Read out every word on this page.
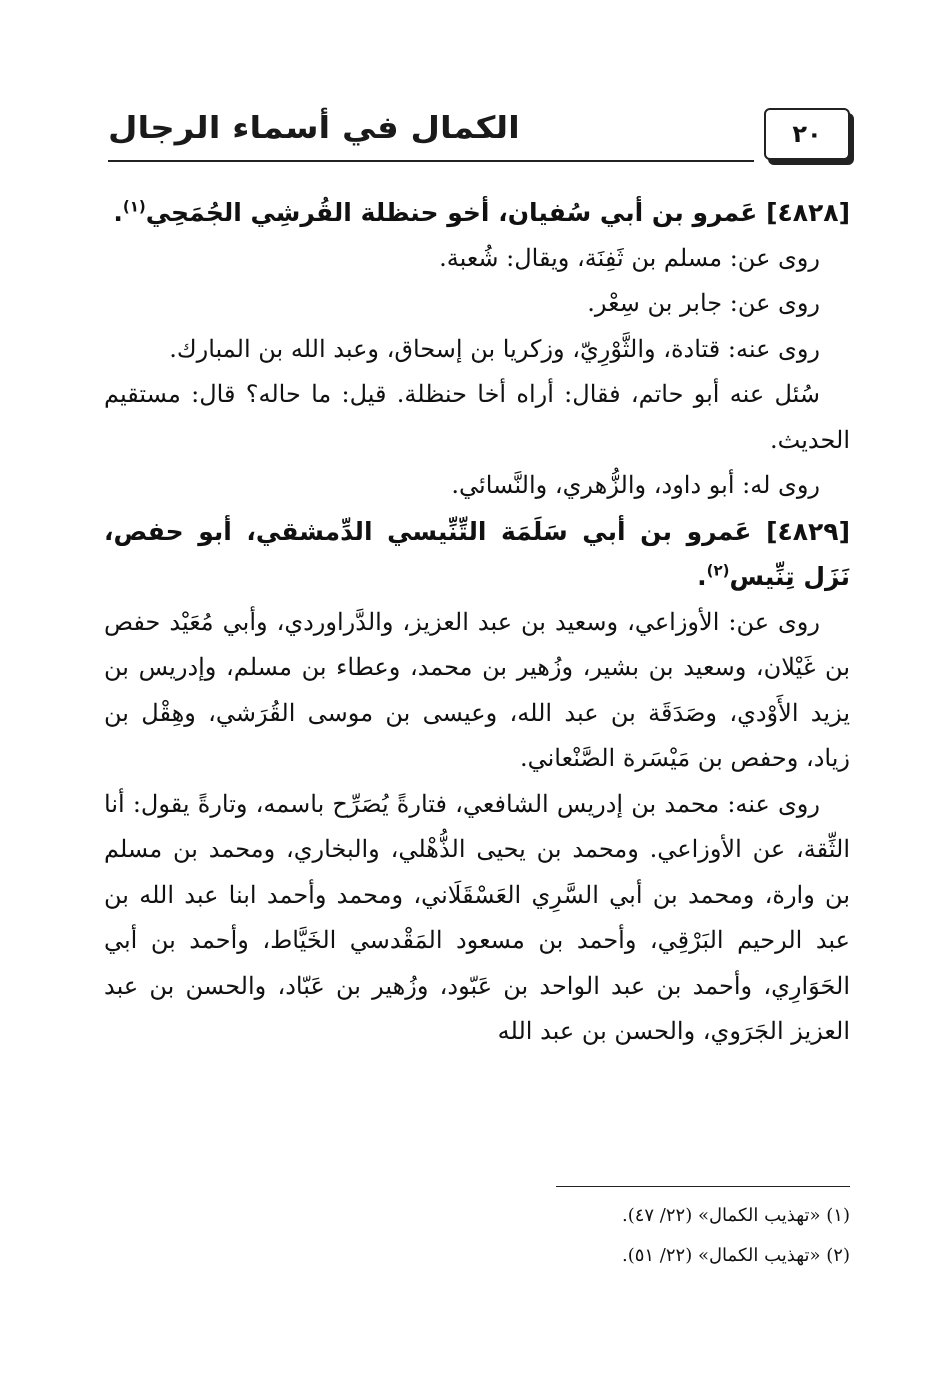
الكمال في أسماء الرجال	٢٠

[٤٨٢٨] عَمرو بن أبي سُفيان، أخو حنظلة القُرشِي الجُمَحِي$^{(١)}$.

روى عن: مسلم بن ثَفِنَة، ويقال: شُعبة.

روى عن: جابر بن سِعْر.

روى عنه: قتادة، والثَّوْرِيّ، وزكريا بن إسحاق، وعبد الله بن المبارك.

سُئل عنه أبو حاتم، فقال: أراه أخا حنظلة. قيل: ما حاله؟ قال: مستقيم الحديث.

روى له: أبو داود، والزُّهري، والنَّسائي.

[٤٨٢٩] عَمرو بن أبي سَلَمَة التِّنِّيسي الدِّمشقي، أبو حفص، نَزَل تِنِّيس$^{(٢)}$.

روى عن: الأوزاعي، وسعيد بن عبد العزيز، والدَّراوردي، وأبي مُعَيْد حفص بن غَيْلان، وسعيد بن بشير، وزُهير بن محمد، وعطاء بن مسلم، وإدريس بن يزيد الأَوْدي، وصَدَقَة بن عبد الله، وعيسى بن موسى القُرَشي، وهِقْل بن زياد، وحفص بن مَيْسَرة الصَّنْعاني.

روى عنه: محمد بن إدريس الشافعي، فتارةً يُصَرِّح باسمه، وتارةً يقول: أنا الثِّقة، عن الأوزاعي. ومحمد بن يحيى الذُّهْلي، والبخاري، ومحمد بن مسلم بن وارة، ومحمد بن أبي السَّرِي العَسْقَلَاني، ومحمد وأحمد ابنا عبد الله بن عبد الرحيم البَرْقِي، وأحمد بن مسعود المَقْدسي الخَيَّاط، وأحمد بن أبي الحَوَارِي، وأحمد بن عبد الواحد بن عَبّود، وزُهير بن عَبّاد، والحسن بن عبد العزيز الجَرَوي، والحسن بن عبد الله

(١) «تهذيب الكمال» (٢٢/ ٤٧).

(٢) «تهذيب الكمال» (٢٢/ ٥١).
